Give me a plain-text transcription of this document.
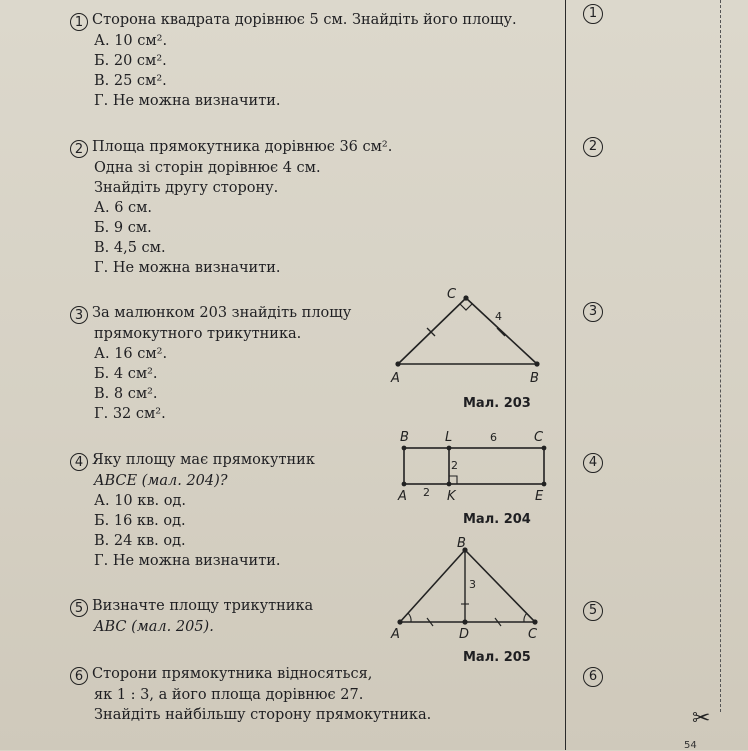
1 Сторона квадрата дорівнює 5 см. Знайдіть його площу.
А. 10 см².
Б. 20 см².
В. 25 см².
Г. Не можна визначити.
2 Площа прямокутника дорівнює 36 см².
Одна зі сторін дорівнює 4 см.
Знайдіть другу сторону.
А. 6 см.
Б. 9 см.
В. 4,5 см.
Г. Не можна визначити.
3 За малюнком 203 знайдіть площу
прямокутного трикутника.
А. 16 см².
Б. 4 см².
В. 8 см².
Г. 32 см².
4 Яку площу має прямокутник
ABCE (мал. 204)?
А. 10 кв. од.
Б. 16 кв. од.
В. 24 кв. од.
Г. Не можна визначити.
5 Визначте площу трикутника
ABC (мал. 205).
6 Сторони прямокутника відносяться,
як 1 : 3, а його площа дорівнює 27.
Знайдіть найбільшу сторону прямокутника.
A	B
C
4
Мал. 203
B	L	C
A	K	E
6
2
2
Мал. 204
B
A	D	C
3
Мал. 205
1
2
3
4
5
6
✂
54
